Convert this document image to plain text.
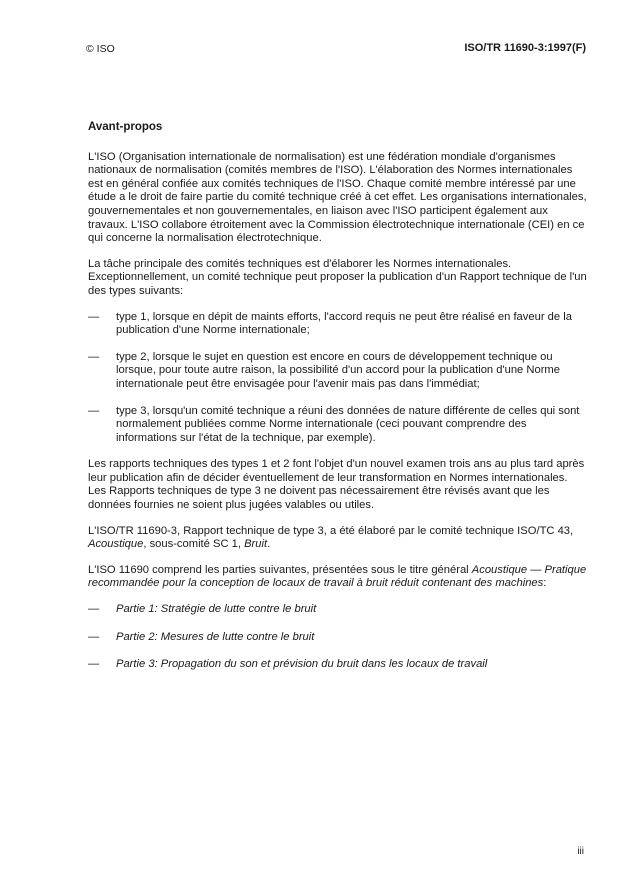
© ISO	ISO/TR 11690-3:1997(F)
Avant-propos

L'ISO (Organisation internationale de normalisation) est une fédération mondiale d'organismes nationaux de normalisation (comités membres de l'ISO). L'élaboration des Normes internationales est en général confiée aux comités techniques de l'ISO. Chaque comité membre intéressé par une étude a le droit de faire partie du comité technique créé à cet effet. Les organisations internationales, gouvernementales et non gouvernementales, en liaison avec l'ISO participent également aux travaux. L'ISO collabore étroitement avec la Commission électrotechnique internationale (CEI) en ce qui concerne la normalisation électrotechnique.

La tâche principale des comités techniques est d'élaborer les Normes internationales. Exceptionnellement, un comité technique peut proposer la publication d'un Rapport technique de l'un des types suivants:

—	type 1, lorsque en dépit de maints efforts, l'accord requis ne peut être réalisé en faveur de la publication d'une Norme internationale;
—	type 2, lorsque le sujet en question est encore en cours de développement technique ou lorsque, pour toute autre raison, la possibilité d'un accord pour la publication d'une Norme internationale peut être envisagée pour l'avenir mais pas dans l'immédiat;
—	type 3, lorsqu'un comité technique a réuni des données de nature différente de celles qui sont normalement publiées comme Norme internationale (ceci pouvant comprendre des informations sur l'état de la technique, par exemple).

Les rapports techniques des types 1 et 2 font l'objet d'un nouvel examen trois ans au plus tard après leur publication afin de décider éventuellement de leur transformation en Normes internationales. Les Rapports techniques de type 3 ne doivent pas nécessairement être révisés avant que les données fournies ne soient plus jugées valables ou utiles.

L'ISO/TR 11690-3, Rapport technique de type 3, a été élaboré par le comité technique ISO/TC 43, Acoustique, sous-comité SC 1, Bruit.

L'ISO 11690 comprend les parties suivantes, présentées sous le titre général Acoustique — Pratique recommandée pour la conception de locaux de travail à bruit réduit contenant des machines:

—	Partie 1: Stratégie de lutte contre le bruit
—	Partie 2: Mesures de lutte contre le bruit
—	Partie 3: Propagation du son et prévision du bruit dans les locaux de travail
iii
